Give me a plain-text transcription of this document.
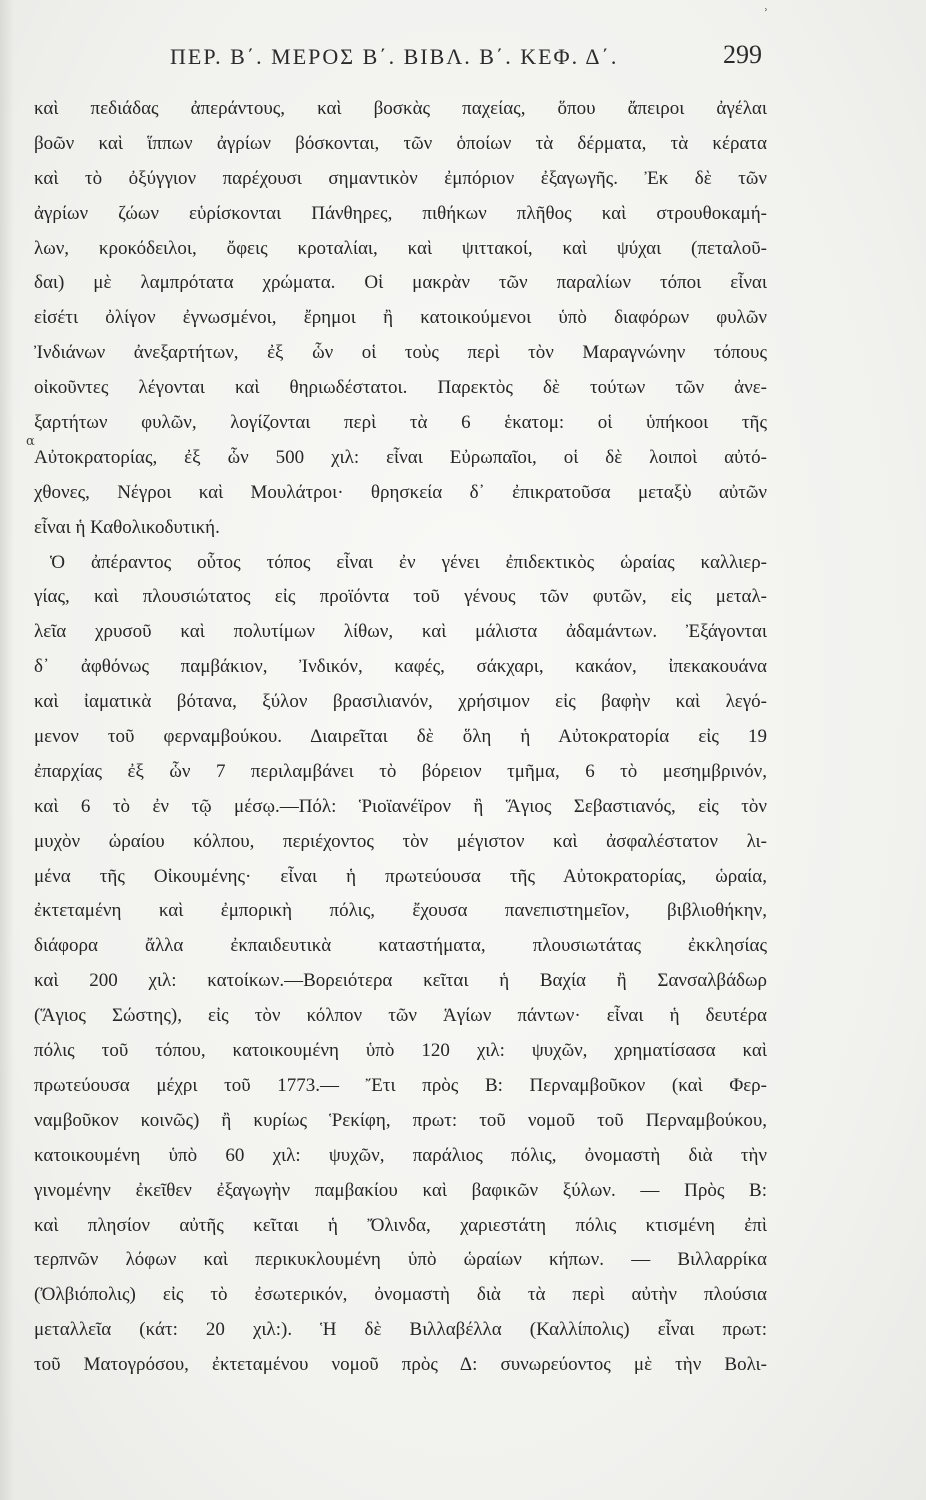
ʾ
ΠΕΡ. Β΄. ΜΕΡΟΣ Β΄. ΒΙΒΛ. Β΄. ΚΕΦ. Δ΄.	299
α
καὶ πεδιάδας ἀπεράντους, καὶ βοσκὰς παχείας, ὅπου ἄπειροι ἀγέλαι
βοῶν καὶ ἵππων ἀγρίων βόσκονται, τῶν ὁποίων τὰ δέρματα, τὰ κέρατα
καὶ τὸ ὀξύγγιον παρέχουσι σημαντικὸν ἐμπόριον ἐξαγωγῆς. Ἐκ δὲ τῶν
ἀγρίων ζώων εὑρίσκονται Πάνθηρες, πιθήκων πλῆθος καὶ στρουθοκαμή-
λων, κροκόδειλοι, ὄφεις κροταλίαι, καὶ ψιττακοί, καὶ ψύχαι (πεταλοῦ-
δαι) μὲ λαμπρότατα χρώματα. Οἱ μακρὰν τῶν παραλίων τόποι εἶναι
εἰσέτι ὀλίγον ἐγνωσμένοι, ἔρημοι ἢ κατοικούμενοι ὑπὸ διαφόρων φυλῶν
Ἰνδιάνων ἀνεξαρτήτων, ἐξ ὧν οἱ τοὺς περὶ τὸν Μαραγνώνην τόπους
οἰκοῦντες λέγονται καὶ θηριωδέστατοι. Παρεκτὸς δὲ τούτων τῶν ἀνε-
ξαρτήτων φυλῶν, λογίζονται περὶ τὰ 6 ἑκατομ: οἱ ὑπήκοοι τῆς
Αὐτοκρατορίας, ἐξ ὧν 500 χιλ: εἶναι Εὐρωπαῖοι, οἱ δὲ λοιποὶ αὐτό-
χθονες, Νέγροι καὶ Μουλάτροι· θρησκεία δ᾽ ἐπικρατοῦσα μεταξὺ αὐτῶν
εἶναι ἡ Καθολικοδυτική.
Ὁ ἀπέραντος οὗτος τόπος εἶναι ἐν γένει ἐπιδεκτικὸς ὡραίας καλλιερ-
γίας, καὶ πλουσιώτατος εἰς προϊόντα τοῦ γένους τῶν φυτῶν, εἰς μεταλ-
λεῖα χρυσοῦ καὶ πολυτίμων λίθων, καὶ μάλιστα ἀδαμάντων. Ἐξάγονται
δ᾽ ἀφθόνως παμβάκιον, Ἰνδικόν, καφές, σάκχαρι, κακάον, ἰπεκακουάνα
καὶ ἰαματικὰ βότανα, ξύλον βρασιλιανόν, χρήσιμον εἰς βαφὴν καὶ λεγό-
μενον τοῦ φερναμβούκου. Διαιρεῖται δὲ ὅλη ἡ Αὐτοκρατορία εἰς 19
ἐπαρχίας ἐξ ὧν 7 περιλαμβάνει τὸ βόρειον τμῆμα, 6 τὸ μεσημβρινόν,
καὶ 6 τὸ ἐν τῷ μέσῳ.—Πόλ: Ῥιοϊανέϊρον ἢ Ἅγιος Σεβαστιανός, εἰς τὸν
μυχὸν ὡραίου κόλπου, περιέχοντος τὸν μέγιστον καὶ ἀσφαλέστατον λι-
μένα τῆς Οἰκουμένης· εἶναι ἡ πρωτεύουσα τῆς Αὐτοκρατορίας, ὡραία,
ἐκτεταμένη καὶ ἐμπορικὴ πόλις, ἔχουσα πανεπιστημεῖον, βιβλιοθήκην,
διάφορα ἄλλα ἐκπαιδευτικὰ καταστήματα, πλουσιωτάτας ἐκκλησίας
καὶ 200 χιλ: κατοίκων.—Βορειότερα κεῖται ἡ Βαχία ἢ Σανσαλβάδωρ
(Ἅγιος Σώστης), εἰς τὸν κόλπον τῶν Ἁγίων πάντων· εἶναι ἡ δευτέρα
πόλις τοῦ τόπου, κατοικουμένη ὑπὸ 120 χιλ: ψυχῶν, χρηματίσασα καὶ
πρωτεύουσα μέχρι τοῦ 1773.— Ἔτι πρὸς Β: Περναμβοῦκον (καὶ Φερ-
ναμβοῦκον κοινῶς) ἢ κυρίως Ῥεκίφη, πρωτ: τοῦ νομοῦ τοῦ Περναμβούκου,
κατοικουμένη ὑπὸ 60 χιλ: ψυχῶν, παράλιος πόλις, ὀνομαστὴ διὰ τὴν
γινομένην ἐκεῖθεν ἐξαγωγὴν παμβακίου καὶ βαφικῶν ξύλων. — Πρὸς Β:
καὶ πλησίον αὐτῆς κεῖται ἡ Ὄλινδα, χαριεστάτη πόλις κτισμένη ἐπὶ
τερπνῶν λόφων καὶ περικυκλουμένη ὑπὸ ὡραίων κήπων. — Βιλλαρρίκα
(Ὀλβιόπολις) εἰς τὸ ἐσωτερικόν, ὀνομαστὴ διὰ τὰ περὶ αὐτὴν πλούσια
μεταλλεῖα (κάτ: 20 χιλ:). Ἡ δὲ Βιλλαβέλλα (Καλλίπολις) εἶναι πρωτ:
τοῦ Ματογρόσου, ἐκτεταμένου νομοῦ πρὸς Δ: συνωρεύοντος μὲ τὴν Βολι-
